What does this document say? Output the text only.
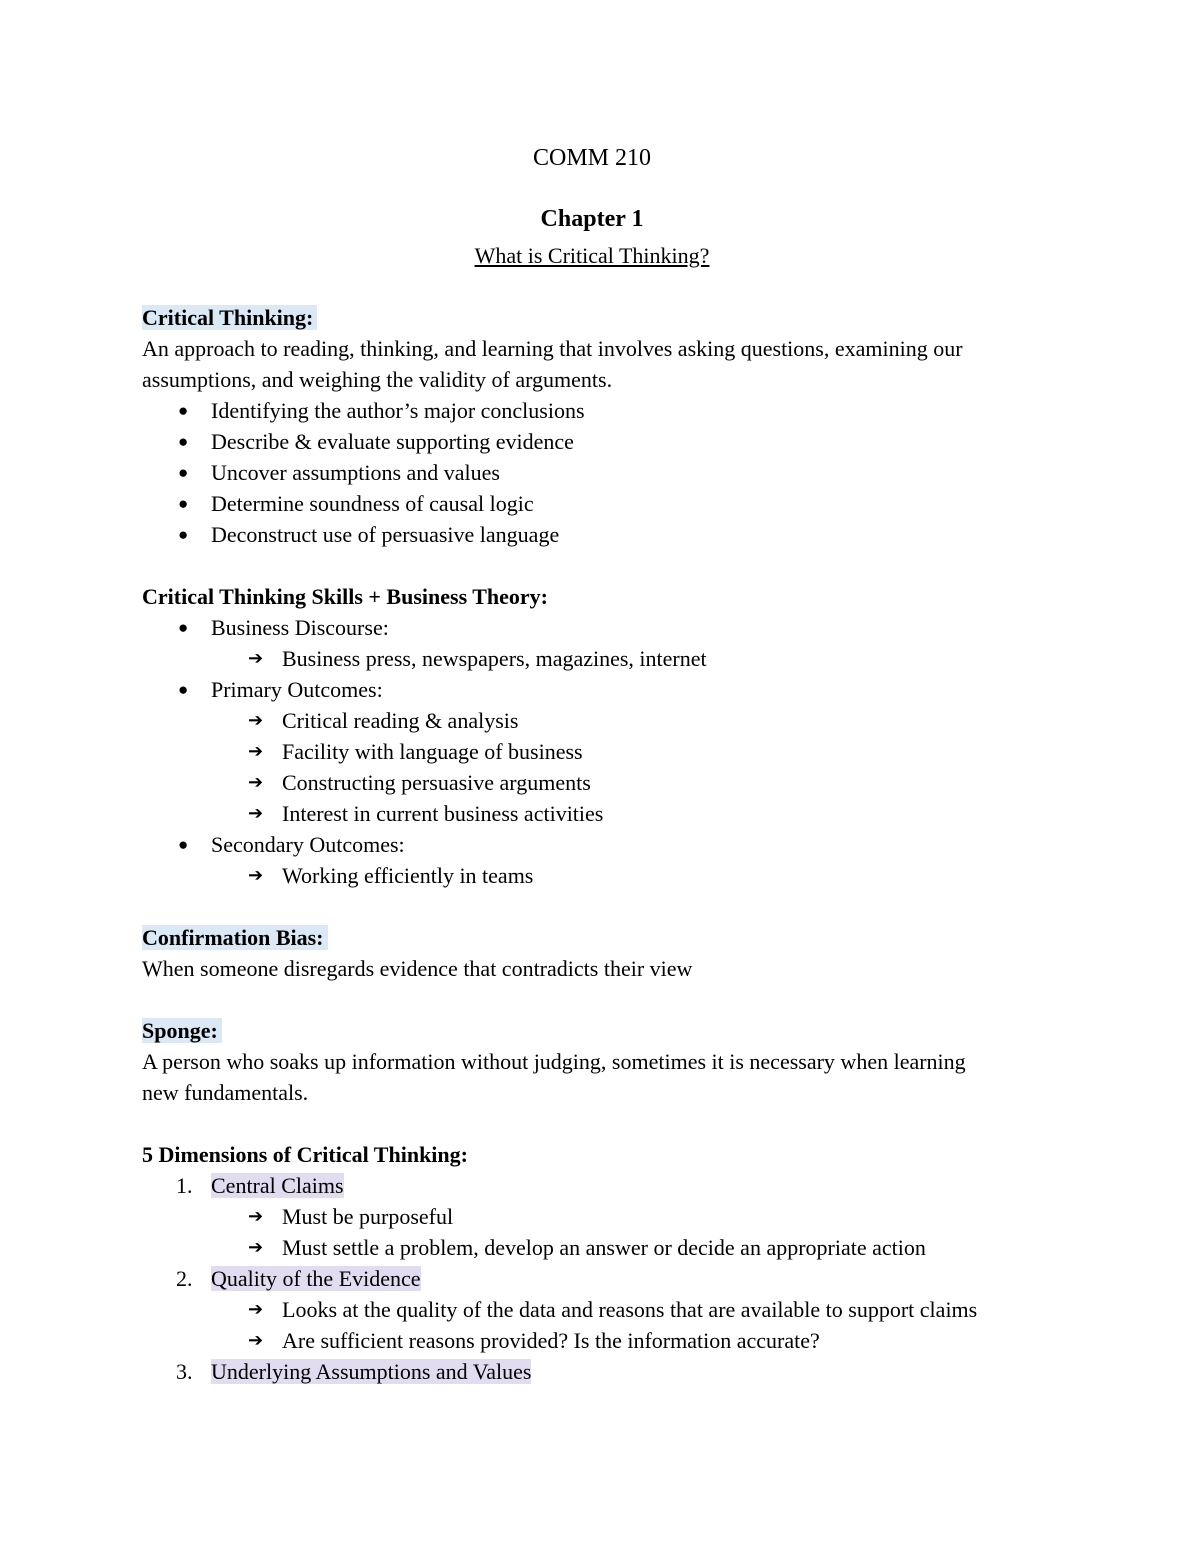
COMM 210
Chapter 1
What is Critical Thinking?
Critical Thinking:
An approach to reading, thinking, and learning that involves asking questions, examining our
assumptions, and weighing the validity of arguments.
● Identifying the author’s major conclusions
● Describe & evaluate supporting evidence
● Uncover assumptions and values
● Determine soundness of causal logic
● Deconstruct use of persuasive language
Critical Thinking Skills + Business Theory:
● Business Discourse:
➔ Business press, newspapers, magazines, internet
● Primary Outcomes:
➔ Critical reading & analysis
➔ Facility with language of business
➔ Constructing persuasive arguments
➔ Interest in current business activities
● Secondary Outcomes:
➔ Working efficiently in teams
Confirmation Bias:
When someone disregards evidence that contradicts their view
Sponge:
A person who soaks up information without judging, sometimes it is necessary when learning
new fundamentals.
5 Dimensions of Critical Thinking:
1. Central Claims
➔ Must be purposeful
➔ Must settle a problem, develop an answer or decide an appropriate action
2. Quality of the Evidence
➔ Looks at the quality of the data and reasons that are available to support claims
➔ Are sufficient reasons provided? Is the information accurate?
3. Underlying Assumptions and Values
